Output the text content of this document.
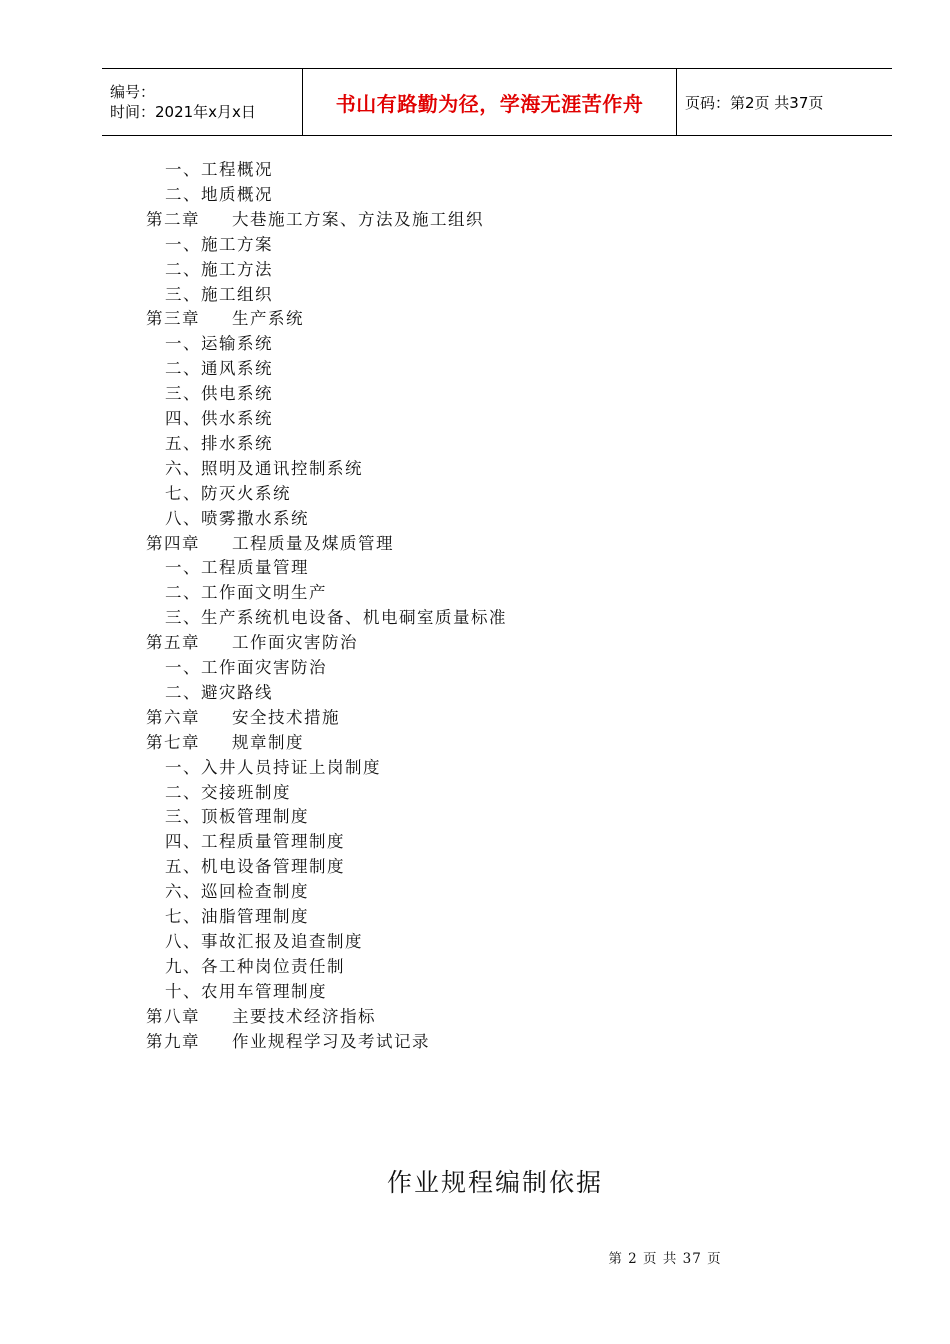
编号：
时间：2021年x月x日	书山有路勤为径，学海无涯苦作舟	页码：第2页 共37页
一、工程概况
二、地质概况
第二章 大巷施工方案、方法及施工组织
一、施工方案
二、施工方法
三、施工组织
第三章 生产系统
一、运输系统
二、通风系统
三、供电系统
四、供水系统
五、排水系统
六、照明及通讯控制系统
七、防灭火系统
八、喷雾撒水系统
第四章 工程质量及煤质管理
一、工程质量管理
二、工作面文明生产
三、生产系统机电设备、机电硐室质量标准
第五章 工作面灾害防治
一、工作面灾害防治
二、避灾路线
第六章 安全技术措施
第七章 规章制度
一、入井人员持证上岗制度
二、交接班制度
三、顶板管理制度
四、工程质量管理制度
五、机电设备管理制度
六、巡回检查制度
七、油脂管理制度
八、事故汇报及追查制度
九、各工种岗位责任制
十、农用车管理制度
第八章 主要技术经济指标
第九章 作业规程学习及考试记录
作业规程编制依据
第 2 页 共 37 页
